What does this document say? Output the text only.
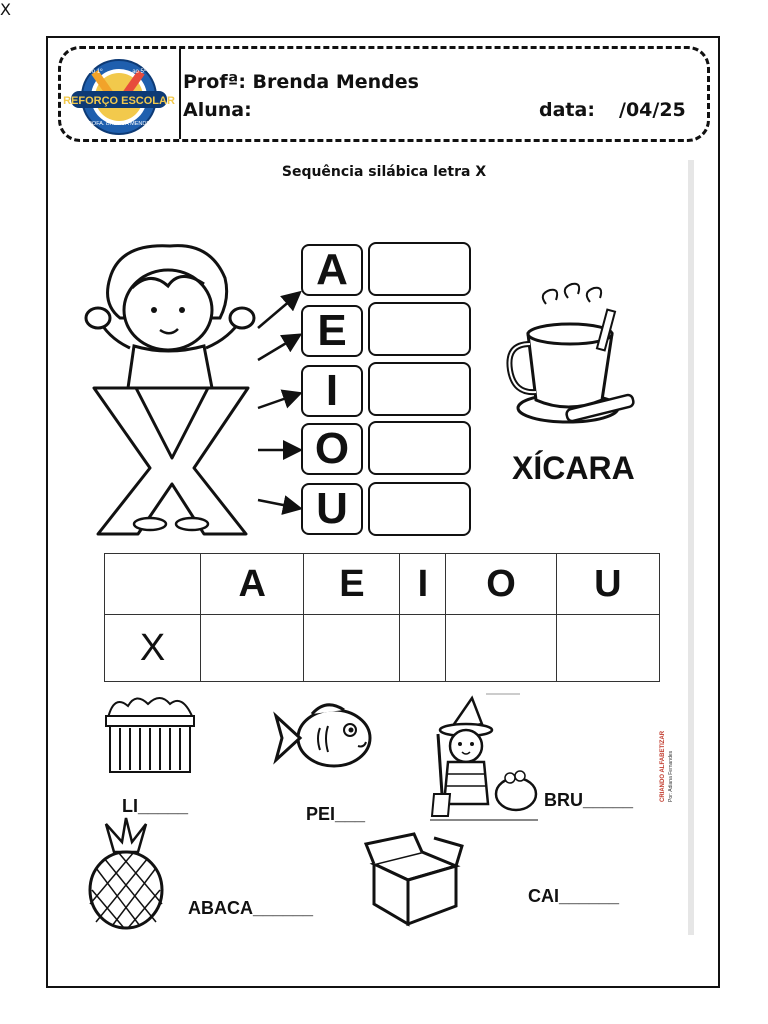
REFORÇO ESCOLAR
Do 1º	ao 5º ano
PROFA. BRENDA MENDES
Profª: Brenda Mendes
Aluna:	data: /04/25
Sequência silábica letra X
X
A
E
I
O
U
XÍCARA
	A	E	I	O	U
X					
LI_____	PEI___
BRU_____
ABACA______
CAI______
CRIANDO ALFABETIZAR Por: Adiana Fernandes
